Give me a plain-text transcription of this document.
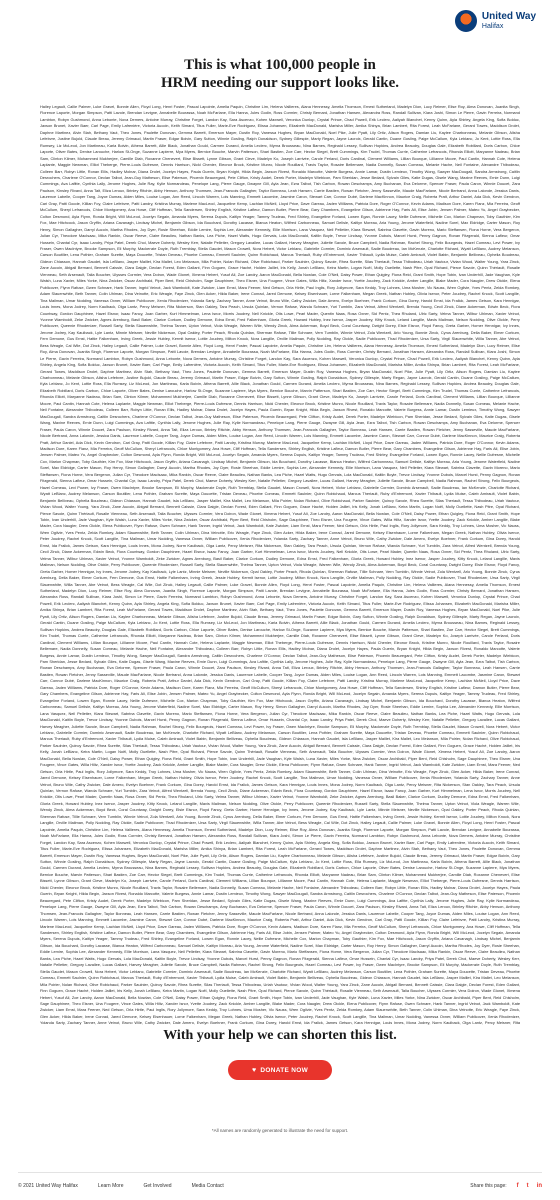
United Way
Halifax
This is what 100,000 people in
HRM needing our support looks like.
Hailey Legault, Callie Palmer, Luke Gravel, Bonnie Allen, Floyd Long, Henri Foster, Pascal Lapointe, Amelia Paquin, Christine Lim, Helena Vallieres, Alana Hennessy, Amelia Thomson, Ernest Sutherland, Madelyn Dion, Lucy Reimer, Elise Roy, Alma Donovan, Juanita Singh, Florence Laporte, Morgan Simpson, Patti Lavoie, Brendan Levigne, Annabelle Bourassa, Noah McFarlane, Ella Hanna, Jules Godin, Ross Cormier, Christy Bernard, Jonathan Hansen, Alexandra Ross, Randall Sullivan, Kiara Joshi, Simon Le Pierre, Gavin Ferreira, Normand Lambton, Robyn Gushmond, Anna Lebonte, Nova Demers, Antoine Murray, Christine Forget, Landon Kay, Sara Ascenzo, Kohen Maxwell, Veronica Dunlop, Crystal Prince, Chad Powell, Erik Leclerc, Aaliyah Blanchet, Kenny Quinn, Ayla Shirley, Angela King, Sofia Bolduc, Jaxson Brunet, Xavier Baer, Carl Page, Emily Lafrenière, Victoria Aucoin, Keith Simard, Titus Fuller, Marie-Eve Rodriguez, Elissa Johansen, Elizabeth MacDonald, Marisha Miller, Amika Shinya, Brian Lambert, Rita Forest, Leah McFarlane, Gerard Towes, Maddison Drolet, Daphne Martinez, Alvin Stah, Bethany Vaut, Theo Jones, Paulette Donovan, Gemma Barrett, Emerson Mayer, Dustin Roy, Vanessa Hughes, Bryan MacDonald, Noel Pike, Julie Pyatt, Lily Ortiz, Alison Rogers, Damian Liu, Kaylee Charbonneau, Melanie Gibson, Alisha Lefebvre, Justine Bujold, Claude Breau, Jeremy Grimaud, Martin Fraser, Edgar Boivin, Gary Sutton, Winnie Gosling, Ralph Donaldson, Sydney Gillespie, Marty Regan, Jayne Lacroix, Gerald Cantin, Duane Gosling, Paige McCallum, Kyla Leblanc, Jo Kent, Lottie Ross, Ella Rumsey, Liz McLeod, Jon Martineau, Karla Boivin, Athena Barrett, Allie Black, Jonathan Gould, Carmen Durand, Amelia Leclerc, Myrna Brousseau, Nina Barnes, Reginald Lessey, Sullivan Hopkins, Andrea Beaudry, Douglas Gale, Elizabeth Robillard, Doris Carbon, Chloe Laporte, Oliver Bates, Denise Larouche, Harlow St-Onge, Suzanne Lapierre, Mya Myers, Bernice Bouche, Marvin Patterson, Shari Bastien, Zoe Carr, Hector Siegel, Brett Cummings, Kim Trudel, Thomas Currie, Catherine Lefrancois, Rhonda Elliott, Maryanne Nadeau, Brian Sam, Clinton Kilmer, Mohammed Mukherjee, Camille Diab, Roxanne Chenevert, Elise Bissett, Lynne Gibson, Grant Cleve, Madelyn Ko, Joseph Larrivée, Carole Ferland, Doris Cardinal, Clement Williams, Lillian Bourque, Lillianne Moore, Paul Cantin, Hannah Cote, Helena Laplante, Maggie Newman, Elliot Theberge, Pierre-Louis Dufresne, Dennis Harrison, Nicki Chenier, Eleonor Brock, Kristine Munro, Nicole Rouillard, Travis Taylor, Rosaire Bellemare, Nadia Donnelly, Susan Comeau, Melanie Hache, Neil Fontaine, Alexandre Thibodeau, Colleen Barr, Robyn Little, Ronan Ellis, Hadley Molnar, Diana Drolet, Jocelyn Hayes, Paula Guerin, Bryan Knight, Hilda Begin, Jaxson Rivest, Ronaldo Marcotte, Valerie Burgess, Annie Lamar, Dustin Lemieux, Timothy Wong, Sawyer MacDougall, Sandra Armstrong, Caitlin Desrochers, Charlene O'Connor, Declan Talbot, Jean-Guy Matheson, Elise Paterson, Phoenix Beauregard, Pete Clifton, Kristy Audet, Derek Porter, Madelyn Wiebicon, Pam Sheridan, Jesse Bedard, Sylvain Giles, Katie Dugas, Gisele Wang, Maxine Reeves, Ernie Dunn, Luigi Cummings, Ava Lafitte, Cynthia Lally, Jerome Hughes, Julie Ray, Kylie Normandeau, Penelope Lang, Pierre Gauge, Dwayne Gill, Ayla Jean, Ezra Talbot, Tish Carbon, Rowan Deschamps, Amy Buchanan, Eva Delorme, Spencer Fraser, Paula Caron, Winnie Doucet, Zara Paulson, Kinsley Rivard, Anna Tait, Eliza Leroux, Brinley Ritchie, Abby Henson, Anthony Thomsen, Jean-Francois Gallagher, Taylor Bonneau, Leah Hansen, Carrie Bastien, Rowan Fletcher, Jenny Sasseville, Maude MacFarlane, Nicole Bertrand, Anna Lalonde, Jessica Danis, Laurence Labelle, Cooper Tang, Joyce Dumas, Aiden Miles, Louise Logan, Ann Reed, Lincoln Warren, Lois Manning, Emmett Lacombe, Jasmine Caron, Stewart Carr, Connor Dubé, Darlene MacKinnon, Maurice Craig, Roberta Pratt, Arthur Daniel, Ada Dick, Kevin Gendron, Cari Gray, Patti Goode, Killian Foy, Claire Lefebvre, Patti Landry, Kristina Murray, Marlene MacLeod, Jacqueline Kemp, Lachlan McNeil, Lloyd Price, Dave Gareau, Jaden Williams, Patricia Dore, Roger O'Connor, Kevin Adams, Madison Dore, Karen Flanz, Mia Ferreira, Geoff McCullum, Sheryl Lefrancois, Chloe Montgomery, Ana Howe, Cliff Hoffman, Tella Sandersen, Shirley English, Kristine Lafleur, Damon Butler, Pierre Bear, Gary Chambers, Evangeline Gilson, Adrienne Hay, Faris Ali, Elise Jobin, Jensen Palmer, Mateo Yu, Angel Graybecker, Colton Desmond, Ayla Flynn, Ronda Bright, Will McLeod, Jocelyn Segain, Amanda Myers, Serena Dupuis, Kaitlyn Yeager, Tammy Trudeau, Fred Shirley, Evangeline Forland, Lowen Egan, Ronnie Lacey, Nellie Dufresne, Michelle Cox, Marion Chapman, Toby Gauthier, Kim Fox, Mae Hitchcock, Jason Gryffin, Ariana Cavanagh, Lindsay Michel, Benjamin Gibson, Ida Bouchard, Dorothy Lacasse, Bianca Heaton, Wilfred Carbonneau, Samuel Delisle, Kaitlyn Moreau, Aria Young, Jerome Waterfield, Nadine Sorel, Max Eldridge, Carter Mason, Roy Henry, Simon Gallagher, Darryl Aucoin, Martha Rhodes, Joy Dyer, Rosie Sheehan, Eddie Lemire, Sophia Lee, Alexander Kennedy, Ellie Morrison, Lana Vasquez, Neil Pelletier, Kiara Stewart, Sabrina Clavette, Gavin Moreno, Mario Steffansen, Fiona Horne, Vera Bergeron, Julian Cyr, Theodore MacIsaac, Mika Rankin, Oscar Reeve, Claire Beaulieu, Nathan Banks, Lea Piche, Hazel Watts, Hugo Gervais, Lola MacDonald, Kaitlin Boyle, Trevor Lindsay, Yvonne Dubois, Marcel Hurst, Penny Gagnon, Ronan Fitzgerald, Sienna Lafleur, Omar Hussein, Chantal Cyr, Isaac Landry, Priya Patel, Derek Choi, Maeve Doherty, Wesley Kerr, Natalie Pelletier, Gregory Lavallee, Lucas Gallant, Harvey Meagher, Juliette Savoie, Bruce Campbell, Nadia Rahman, Rachel Strong, Felix Bourgeois, Hazel Comeau, Levi Power, Ivy Fraser, Owen MacIntyre, Brooke Sampson, Eli Murphy, Mackenzie Doyle, Ruth Tremblay, Stella Gaudet, Mason Crowell, Nora Hebert, Victor Leblanc, Gabrielle Cormier, Dominic Arsenault, Sadie Boudreau, Ian McKenzie, Charlotte Richard, Wyatt LeBlanc, Audrey Melanson, Carson Boutilier, Lena Pothier, Graham Surette, Maya Doucette, Tristan Deveau, Phoebe Comeau, Emmett Saulnier, Quinn Robichaud, Marcus Theriault, Ruby d'Entremont, Xavier Thibault, Lydia Muise, Caleb Amirault, Violet Babin, Benjamin Belliveau, Ophelia Boudreau, Gideon Chiasson, Hannah Gaudet, Isla LeBlanc, Jasper Maillet, Kira Mallet, Leo Melanson, Mila Poirier, Nolan Richard, Olive Robichaud, Parker Saulnier, Quincy Savoie, Rhea Surette, Silas Theriault, Tessa Thibodeau, Uriah Vautour, Vivian Wood, Walter Young, Yara Zinck, Zane Aucoin, Abigail Bernard, Bennett Caissie, Clara Daigle, Declan Forest, Eden Gallant, Finn Goguen, Grace Haché, Holden Jaillet, Iris Kelly, Jonah LeBlanc, Keira Martin, Logan Noël, Molly Ouellette, Nash Pitre, Opal Richard, Pierce Savoie, Quinn Thériault, Rosalie Vienneau, Seth Arsenault, Talia Boucher, Ulysses Cormier, Vera Doiron, Wade Gionet, Ximena Hebert, Yusuf Ali, Zoe Landry, Aaron MacDonald, Bella Nowlan, Cole O'Neil, Daisy Power, Ethan Quigley, Fiona Reid, Grant Smith, Hope Tobin, Ivan Underhill, Jade Vaughan, Kyle Walsh, Luna Xavier, Miles Yorke, Nina Zwicker, Oscar Archibald, Piper Bent, Reid Chisholm, Sage Dauphinee, Theo Eisner, Una Fougere, Vince Gates, Willa Hiltz, Xander Isnor, Yvette Joudrey, Zack Knickle, Amber Langille, Blake Mader, Cora Naugler, Drew Oickle, Elena Publicover, Flynn Rafuse, Gwen Schnare, Hank Tanner, Ingrid Veinot, Jack Wamboldt, Kate Zwicker, Liam Ernst, Mara Feener, Ned Getson, Orla Hirtle, Paul Inglis, Rory Jollymore, Sara Keddy, Troy Lohnes, Uma Mosher, Vic Nauss, Wren Ogilvie, Yves Pentz, Zelda Romkey, Adam Slauenwhite, Beth Tanner, Colin Uhlman, Dina Veinotte, Eric Weagle, Faye Zinck, Glen Acker, Hilda Baker, Irene Conrad, Jared Demone, Kelsey Eisenhauer, Lorne Falkenham, Megan Greek, Nathan Hubley, Olivia Isenor, Peter Joudrey, Rachel Knock, Scott Langille, Tina Mailman, Umar Nodding, Vanessa Oxner, William Publicover, Xenia Rhodenizer, Yolanda Sarty, Zachary Tanner, Anne Veinot, Bruno Wile, Cathy Zwicker, Dale Amero, Evelyn Boehner, Frank Corkum, Gina Dorey, Harold Ernst, Ida Fralick, James Getson, Kara Hennigar, Louis Innes, Mona Jodrey, Norm Kaulback, Olga Lantz, Percy Meisner, Rita Nickerson, Stan Oakley, Tara Peach, Ursula Quinlan, Vernon Rafuse, Wanda Schnare, Yuri Tumblin, Zara Veinot, Alfred Wentzell, Brenda Young, Cecil Zinck, Diane Ackerman, Edwin Beck, Flora Countway, Gordon Dauphinee, Hazel Eisnor, Isaac Fancy, Joan Garber, Kurt Himmelman, Lena Isnor, Morris Joudrey, Nell Knickle, Otis Lowe, Pearl Mader, Quentin Naas, Rosa Oxner, Sid Pentz, Thea Rhuland, Ulric Sarty, Velma Tanner, Wilbur Uhlman, Xavier Veinot, Yvonne Wamboldt, Zeke Zwicker, Agnes Arenburg, Basil Baker, Clarice Corkum, Dudley Demone, Edna Ernst, Fred Falkenham, Gloria Greek, Howard Hubley, Inez Isenor, Jasper Joudrey, Kitty Knock, Leland Langille, Mavis Mailman, Nelson Nodding, Olive Oickle, Perry Publicover, Queenie Rhodenizer, Russell Sarty, Stella Slauenwhite, Thelma Tanner, Upton Veinot, Viola Weagle, Warren Wile, Wendy Zinck, Alma Ackerman, Boyd Beck, Coral Countway, Dwight Dorey, Elsie Eisnor, Floyd Fancy, Greta Garber, Homer Hennigar, Ivy Innes, Jerome Jodrey, Kay Kaulback, Lyle Lantz, Minnie Meisner, Neville Nickerson, Opal Oakley, Porter Peach, Rhoda Quinlan, Sherman Rafuse, Tillie Schnare, Vern Tumblin, Winnie Veinot, Zola Wentzell, Arlo Young, Bonnie Zinck, Cyrus Arenburg, Della Baker, Elmer Corkum, Fern Demone, Gus Ernst, Hattie Falkenham, Irving Greek, Jessie Hubley, Kermit Isenor, Lottie Joudrey, Milton Knock, Nora Langille, Orville Mailman, Polly Nodding, Ray Oickle, Sadie Publicover, Thad Rhodenizer, Ursa Sarty, Virgil Slauenwhite, Willa Tanner, Abe Veinot, Bess Weagle, Cal Wile, Dot Zinck, Hailey Legault, Callie Palmer, Luke Gravel, Bonnie Allen, Floyd Long, Henri Foster, Pascal Lapointe, Amelia Paquin, Christine Lim, Helena Vallieres, Alana Hennessy, Amelia Thomson, Ernest Sutherland, Madelyn Dion, Lucy Reimer, Elise Roy, Alma Donovan, Juanita Singh, Florence Laporte, Morgan Simpson, Patti Lavoie, Brendan Levigne, Annabelle Bourassa, Noah McFarlane, Ella Hanna, Jules Godin, Ross Cormier, Christy Bernard, Jonathan Hansen, Alexandra Ross, Randall Sullivan, Kiara Joshi, Simon Le Pierre, Gavin Ferreira, Normand Lambton, Robyn Gushmond, Anna Lebonte, Nova Demers, Antoine Murray, Christine Forget, Landon Kay, Sara Ascenzo, Kohen Maxwell, Veronica Dunlop, Crystal Prince, Chad Powell, Erik Leclerc, Aaliyah Blanchet, Kenny Quinn, Ayla Shirley, Angela King, Sofia Bolduc, Jaxson Brunet, Xavier Baer, Carl Page, Emily Lafrenière, Victoria Aucoin, Keith Simard, Titus Fuller, Marie-Eve Rodriguez, Elissa Johansen, Elizabeth MacDonald, Marisha Miller, Amika Shinya, Brian Lambert, Rita Forest, Leah McFarlane, Gerard Towes, Maddison Drolet, Daphne Martinez, Alvin Stah, Bethany Vaut, Theo Jones, Paulette Donovan, Gemma Barrett, Emerson Mayer, Dustin Roy, Vanessa Hughes, Bryan MacDonald, Noel Pike, Julie Pyatt, Lily Ortiz, Alison Rogers, Damian Liu, Kaylee Charbonneau, Melanie Gibson, Alisha Lefebvre, Justine Bujold, Claude Breau, Jeremy Grimaud, Martin Fraser, Edgar Boivin, Gary Sutton, Winnie Gosling, Ralph Donaldson, Sydney Gillespie, Marty Regan, Jayne Lacroix, Gerald Cantin, Duane Gosling, Paige McCallum, Kyla Leblanc, Jo Kent, Lottie Ross, Ella Rumsey, Liz McLeod, Jon Martineau, Karla Boivin, Athena Barrett, Allie Black, Jonathan Gould, Carmen Durand, Amelia Leclerc, Myrna Brousseau, Nina Barnes, Reginald Lessey, Sullivan Hopkins, Andrea Beaudry, Douglas Gale, Elizabeth Robillard, Doris Carbon, Chloe Laporte, Oliver Bates, Denise Larouche, Harlow St-Onge, Suzanne Lapierre, Mya Myers, Bernice Bouche, Marvin Patterson, Shari Bastien, Zoe Carr, Hector Siegel, Brett Cummings, Kim Trudel, Thomas Currie, Catherine Lefrancois, Rhonda Elliott, Maryanne Nadeau, Brian Sam, Clinton Kilmer, Mohammed Mukherjee, Camille Diab, Roxanne Chenevert, Elise Bissett, Lynne Gibson, Grant Cleve, Madelyn Ko, Joseph Larrivée, Carole Ferland, Doris Cardinal, Clement Williams, Lillian Bourque, Lillianne Moore, Paul Cantin, Hannah Cote, Helena Laplante, Maggie Newman, Elliot Theberge, Pierre-Louis Dufresne, Dennis Harrison, Nicki Chenier, Eleonor Brock, Kristine Munro, Nicole Rouillard, Travis Taylor, Rosaire Bellemare, Nadia Donnelly, Susan Comeau, Melanie Hache, Neil Fontaine, Alexandre Thibodeau, Colleen Barr, Robyn Little, Ronan Ellis, Hadley Molnar, Diana Drolet, Jocelyn Hayes, Paula Guerin, Bryan Knight, Hilda Begin, Jaxson Rivest, Ronaldo Marcotte, Valerie Burgess, Annie Lamar, Dustin Lemieux, Timothy Wong, Sawyer MacDougall, Sandra Armstrong, Caitlin Desrochers, Charlene O'Connor, Declan Talbot, Jean-Guy Matheson, Elise Paterson, Phoenix Beauregard, Pete Clifton, Kristy Audet, Derek Porter, Madelyn Wiebicon, Pam Sheridan, Jesse Bedard, Sylvain Giles, Katie Dugas, Gisele Wang, Maxine Reeves, Ernie Dunn, Luigi Cummings, Ava Lafitte, Cynthia Lally, Jerome Hughes, Julie Ray, Kylie Normandeau, Penelope Lang, Pierre Gauge, Dwayne Gill, Ayla Jean, Ezra Talbot, Tish Carbon, Rowan Deschamps, Amy Buchanan, Eva Delorme, Spencer Fraser, Paula Caron, Winnie Doucet, Zara Paulson, Kinsley Rivard, Anna Tait, Eliza Leroux, Brinley Ritchie, Abby Henson, Anthony Thomsen, Jean-Francois Gallagher, Taylor Bonneau, Leah Hansen, Carrie Bastien, Rowan Fletcher, Jenny Sasseville, Maude MacFarlane, Nicole Bertrand, Anna Lalonde, Jessica Danis, Laurence Labelle, Cooper Tang, Joyce Dumas, Aiden Miles, Louise Logan, Ann Reed, Lincoln Warren, Lois Manning, Emmett Lacombe, Jasmine Caron, Stewart Carr, Connor Dubé, Darlene MacKinnon, Maurice Craig, Roberta Pratt, Arthur Daniel, Ada Dick, Kevin Gendron, Cari Gray, Patti Goode, Killian Foy, Claire Lefebvre, Patti Landry, Kristina Murray, Marlene MacLeod, Jacqueline Kemp, Lachlan McNeil, Lloyd Price, Dave Gareau, Jaden Williams, Patricia Dore, Roger O'Connor, Kevin Adams, Madison Dore, Karen Flanz, Mia Ferreira, Geoff McCullum, Sheryl Lefrancois, Chloe Montgomery, Ana Howe, Cliff Hoffman, Tella Sandersen, Shirley English, Kristine Lafleur, Damon Butler, Pierre Bear, Gary Chambers, Evangeline Gilson, Adrienne Hay, Faris Ali, Elise Jobin, Jensen Palmer, Mateo Yu, Angel Graybecker, Colton Desmond, Ayla Flynn, Ronda Bright, Will McLeod, Jocelyn Segain, Amanda Myers, Serena Dupuis, Kaitlyn Yeager, Tammy Trudeau, Fred Shirley, Evangeline Forland, Lowen Egan, Ronnie Lacey, Nellie Dufresne, Michelle Cox, Marion Chapman, Toby Gauthier, Kim Fox, Mae Hitchcock, Jason Gryffin, Ariana Cavanagh, Lindsay Michel, Benjamin Gibson, Ida Bouchard, Dorothy Lacasse, Bianca Heaton, Wilfred Carbonneau, Samuel Delisle, Kaitlyn Moreau, Aria Young, Jerome Waterfield, Nadine Sorel, Max Eldridge, Carter Mason, Roy Henry, Simon Gallagher, Darryl Aucoin, Martha Rhodes, Joy Dyer, Rosie Sheehan, Eddie Lemire, Sophia Lee, Alexander Kennedy, Ellie Morrison, Lana Vasquez, Neil Pelletier, Kiara Stewart, Sabrina Clavette, Gavin Moreno, Mario Steffansen, Fiona Horne, Vera Bergeron, Julian Cyr, Theodore MacIsaac, Mika Rankin, Oscar Reeve, Claire Beaulieu, Nathan Banks, Lea Piche, Hazel Watts, Hugo Gervais, Lola MacDonald, Kaitlin Boyle, Trevor Lindsay, Yvonne Dubois, Marcel Hurst, Penny Gagnon, Ronan Fitzgerald, Sienna Lafleur, Omar Hussein, Chantal Cyr, Isaac Landry, Priya Patel, Derek Choi, Maeve Doherty, Wesley Kerr, Natalie Pelletier, Gregory Lavallee, Lucas Gallant, Harvey Meagher, Juliette Savoie, Bruce Campbell, Nadia Rahman, Rachel Strong, Felix Bourgeois, Hazel Comeau, Levi Power, Ivy Fraser, Owen MacIntyre, Brooke Sampson, Eli Murphy, Mackenzie Doyle, Ruth Tremblay, Stella Gaudet, Mason Crowell, Nora Hebert, Victor Leblanc, Gabrielle Cormier, Dominic Arsenault, Sadie Boudreau, Ian McKenzie, Charlotte Richard, Wyatt LeBlanc, Audrey Melanson, Carson Boutilier, Lena Pothier, Graham Surette, Maya Doucette, Tristan Deveau, Phoebe Comeau, Emmett Saulnier, Quinn Robichaud, Marcus Theriault, Ruby d'Entremont, Xavier Thibault, Lydia Muise, Caleb Amirault, Violet Babin, Benjamin Belliveau, Ophelia Boudreau, Gideon Chiasson, Hannah Gaudet, Isla LeBlanc, Jasper Maillet, Kira Mallet, Leo Melanson, Mila Poirier, Nolan Richard, Olive Robichaud, Parker Saulnier, Quincy Savoie, Rhea Surette, Silas Theriault, Tessa Thibodeau, Uriah Vautour, Vivian Wood, Walter Young, Yara Zinck, Zane Aucoin, Abigail Bernard, Bennett Caissie, Clara Daigle, Declan Forest, Eden Gallant, Finn Goguen, Grace Haché, Holden Jaillet, Iris Kelly, Jonah LeBlanc, Keira Martin, Logan Noël, Molly Ouellette, Nash Pitre, Opal Richard, Pierce Savoie, Quinn Thériault, Rosalie Vienneau, Seth Arsenault, Talia Boucher, Ulysses Cormier, Vera Doiron, Wade Gionet, Ximena Hebert, Yusuf Ali, Zoe Landry, Aaron MacDonald, Bella Nowlan, Cole O'Neil, Daisy Power, Ethan Quigley, Fiona Reid, Grant Smith, Hope Tobin, Ivan Underhill, Jade Vaughan, Kyle Walsh, Luna Xavier, Miles Yorke, Nina Zwicker, Oscar Archibald, Piper Bent, Reid Chisholm, Sage Dauphinee, Theo Eisner, Una Fougere, Vince Gates, Willa Hiltz, Xander Isnor, Yvette Joudrey, Zack Knickle, Amber Langille, Blake Mader, Cora Naugler, Drew Oickle, Elena Publicover, Flynn Rafuse, Gwen Schnare, Hank Tanner, Ingrid Veinot, Jack Wamboldt, Kate Zwicker, Liam Ernst, Mara Feener, Ned Getson, Orla Hirtle, Paul Inglis, Rory Jollymore, Sara Keddy, Troy Lohnes, Uma Mosher, Vic Nauss, Wren Ogilvie, Yves Pentz, Zelda Romkey, Adam Slauenwhite, Beth Tanner, Colin Uhlman, Dina Veinotte, Eric Weagle, Faye Zinck, Glen Acker, Hilda Baker, Irene Conrad, Jared Demone, Kelsey Eisenhauer, Lorne Falkenham, Megan Greek, Nathan Hubley, Olivia Isenor, Peter Joudrey, Rachel Knock, Scott Langille, Tina Mailman, Umar Nodding, Vanessa Oxner, William Publicover, Xenia Rhodenizer, Yolanda Sarty, Zachary Tanner, Anne Veinot, Bruno Wile, Cathy Zwicker, Dale Amero, Evelyn Boehner, Frank Corkum, Gina Dorey, Harold Ernst, Ida Fralick, James Getson, Kara Hennigar, Louis Innes, Mona Jodrey, Norm Kaulback, Olga Lantz, Percy Meisner, Rita Nickerson, Stan Oakley, Tara Peach, Ursula Quinlan, Vernon Rafuse, Wanda Schnare, Yuri Tumblin, Zara Veinot, Alfred Wentzell, Brenda Young, Cecil Zinck, Diane Ackerman, Edwin Beck, Flora Countway, Gordon Dauphinee, Hazel Eisnor, Isaac Fancy, Joan Garber, Kurt Himmelman, Lena Isnor, Morris Joudrey, Nell Knickle, Otis Lowe, Pearl Mader, Quentin Naas, Rosa Oxner, Sid Pentz, Thea Rhuland, Ulric Sarty, Velma Tanner, Wilbur Uhlman, Xavier Veinot, Yvonne Wamboldt, Zeke Zwicker, Agnes Arenburg, Basil Baker, Clarice Corkum, Dudley Demone, Edna Ernst, Fred Falkenham, Gloria Greek, Howard Hubley, Inez Isenor, Jasper Joudrey, Kitty Knock, Leland Langille, Mavis Mailman, Nelson Nodding, Olive Oickle, Perry Publicover, Queenie Rhodenizer, Russell Sarty, Stella Slauenwhite, Thelma Tanner, Upton Veinot, Viola Weagle, Warren Wile, Wendy Zinck, Alma Ackerman, Boyd Beck, Coral Countway, Dwight Dorey, Elsie Eisnor, Floyd Fancy, Greta Garber, Homer Hennigar, Ivy Innes, Jerome Jodrey, Kay Kaulback, Lyle Lantz, Minnie Meisner, Neville Nickerson, Opal Oakley, Porter Peach, Rhoda Quinlan, Sherman Rafuse, Tillie Schnare, Vern Tumblin, Winnie Veinot, Zola Wentzell, Arlo Young, Bonnie Zinck, Cyrus Arenburg, Della Baker, Elmer Corkum, Fern Demone, Gus Ernst, Hattie Falkenham, Irving Greek, Jessie Hubley, Kermit Isenor, Lottie Joudrey, Milton Knock, Nora Langille, Orville Mailman, Polly Nodding, Ray Oickle, Sadie Publicover, Thad Rhodenizer, Ursa Sarty, Virgil Slauenwhite, Willa Tanner, Abe Veinot, Bess Weagle, Cal Wile, Dot Zinck, Hailey Legault, Callie Palmer, Luke Gravel, Bonnie Allen, Floyd Long, Henri Foster, Pascal Lapointe, Amelia Paquin, Christine Lim, Helena Vallieres, Alana Hennessy, Amelia Thomson, Ernest Sutherland, Madelyn Dion, Lucy Reimer, Elise Roy, Alma Donovan, Juanita Singh, Florence Laporte, Morgan Simpson, Patti Lavoie, Brendan Levigne, Annabelle Bourassa, Noah McFarlane, Ella Hanna, Jules Godin, Ross Cormier, Christy Bernard, Jonathan Hansen, Alexandra Ross, Randall Sullivan, Kiara Joshi, Simon Le Pierre, Gavin Ferreira, Normand Lambton, Robyn Gushmond, Anna Lebonte, Nova Demers, Antoine Murray, Christine Forget, Landon Kay, Sara Ascenzo, Kohen Maxwell, Veronica Dunlop, Crystal Prince, Chad Powell, Erik Leclerc, Aaliyah Blanchet, Kenny Quinn, Ayla Shirley, Angela King, Sofia Bolduc, Jaxson Brunet, Xavier Baer, Carl Page, Emily Lafrenière, Victoria Aucoin, Keith Simard, Titus Fuller, Marie-Eve Rodriguez, Elissa Johansen, Elizabeth MacDonald, Marisha Miller, Amika Shinya, Brian Lambert, Rita Forest, Leah McFarlane, Gerard Towes, Maddison Drolet, Daphne Martinez, Alvin Stah, Bethany Vaut, Theo Jones, Paulette Donovan, Gemma Barrett, Emerson Mayer, Dustin Roy, Vanessa Hughes, Bryan MacDonald, Noel Pike, Julie Pyatt, Lily Ortiz, Alison Rogers, Damian Liu, Kaylee Charbonneau, Melanie Gibson, Alisha Lefebvre, Justine Bujold, Claude Breau, Jeremy Grimaud, Martin Fraser, Edgar Boivin, Gary Sutton, Winnie Gosling, Ralph Donaldson, Sydney Gillespie, Marty Regan, Jayne Lacroix, Gerald Cantin, Duane Gosling, Paige McCallum, Kyla Leblanc, Jo Kent, Lottie Ross, Ella Rumsey, Liz McLeod, Jon Martineau, Karla Boivin, Athena Barrett, Allie Black, Jonathan Gould, Carmen Durand, Amelia Leclerc, Myrna Brousseau, Nina Barnes, Reginald Lessey, Sullivan Hopkins, Andrea Beaudry, Douglas Gale, Elizabeth Robillard, Doris Carbon, Chloe Laporte, Oliver Bates, Denise Larouche, Harlow St-Onge, Suzanne Lapierre, Mya Myers, Bernice Bouche, Marvin Patterson, Shari Bastien, Zoe Carr, Hector Siegel, Brett Cummings, Kim Trudel, Thomas Currie, Catherine Lefrancois, Rhonda Elliott, Maryanne Nadeau, Brian Sam, Clinton Kilmer, Mohammed Mukherjee, Camille Diab, Roxanne Chenevert, Elise Bissett, Lynne Gibson, Grant Cleve, Madelyn Ko, Joseph Larrivée, Carole Ferland, Doris Cardinal, Clement Williams, Lillian Bourque, Lillianne Moore, Paul Cantin, Hannah Cote, Helena Laplante, Maggie Newman, Elliot Theberge, Pierre-Louis Dufresne, Dennis Harrison, Nicki Chenier, Eleonor Brock, Kristine Munro, Nicole Rouillard, Travis Taylor, Rosaire Bellemare, Nadia Donnelly, Susan Comeau, Melanie Hache, Neil Fontaine, Alexandre Thibodeau, Colleen Barr, Robyn Little, Ronan Ellis, Hadley Molnar, Diana Drolet, Jocelyn Hayes, Paula Guerin, Bryan Knight, Hilda Begin, Jaxson Rivest, Ronaldo Marcotte, Valerie Burgess, Annie Lamar, Dustin Lemieux, Timothy Wong, Sawyer MacDougall, Sandra Armstrong, Caitlin Desrochers, Charlene O'Connor, Declan Talbot, Jean-Guy Matheson, Elise Paterson, Phoenix Beauregard, Pete Clifton, Kristy Audet, Derek Porter, Madelyn Wiebicon, Pam Sheridan, Jesse Bedard, Sylvain Giles, Katie Dugas, Gisele Wang, Maxine Reeves, Ernie Dunn, Luigi Cummings, Ava Lafitte, Cynthia Lally, Jerome Hughes, Julie Ray, Kylie Normandeau, Penelope Lang, Pierre Gauge, Dwayne Gill, Ayla Jean, Ezra Talbot, Tish Carbon, Rowan Deschamps, Amy Buchanan, Eva Delorme, Spencer Fraser, Paula Caron, Winnie Doucet, Zara Paulson, Kinsley Rivard, Anna Tait, Eliza Leroux, Brinley Ritchie, Abby Henson, Anthony Thomsen, Jean-Francois Gallagher, Taylor Bonneau, Leah Hansen, Carrie Bastien, Rowan Fletcher, Jenny Sasseville, Maude MacFarlane, Nicole Bertrand, Anna Lalonde, Jessica Danis, Laurence Labelle, Cooper Tang, Joyce Dumas, Aiden Miles, Louise Logan, Ann Reed, Lincoln Warren, Lois Manning, Emmett Lacombe, Jasmine Caron, Stewart Carr, Connor Dubé, Darlene MacKinnon, Maurice Craig, Roberta Pratt, Arthur Daniel, Ada Dick, Kevin Gendron, Cari Gray, Patti Goode, Killian Foy, Claire Lefebvre, Patti Landry, Kristina Murray, Marlene MacLeod, Jacqueline Kemp, Lachlan McNeil, Lloyd Price, Dave Gareau, Jaden Williams, Patricia Dore, Roger O'Connor, Kevin Adams, Madison Dore, Karen Flanz, Mia Ferreira, Geoff McCullum, Sheryl Lefrancois, Chloe Montgomery, Ana Howe, Cliff Hoffman, Tella Sandersen, Shirley English, Kristine Lafleur, Damon Butler, Pierre Bear, Gary Chambers, Evangeline Gilson, Adrienne Hay, Faris Ali, Elise Jobin, Jensen Palmer, Mateo Yu, Angel Graybecker, Colton Desmond, Ayla Flynn, Ronda Bright, Will McLeod, Jocelyn Segain, Amanda Myers, Serena Dupuis, Kaitlyn Yeager, Tammy Trudeau, Fred Shirley, Evangeline Forland, Lowen Egan, Ronnie Lacey, Nellie Dufresne, Michelle Cox, Marion Chapman, Toby Gauthier, Kim Fox, Mae Hitchcock, Jason Gryffin, Ariana Cavanagh, Lindsay Michel, Benjamin Gibson, Ida Bouchard, Dorothy Lacasse, Bianca Heaton, Wilfred Carbonneau, Samuel Delisle, Kaitlyn Moreau, Aria Young, Jerome Waterfield, Nadine Sorel, Max Eldridge, Carter Mason, Roy Henry, Simon Gallagher, Darryl Aucoin, Martha Rhodes, Joy Dyer, Rosie Sheehan, Eddie Lemire, Sophia Lee, Alexander Kennedy, Ellie Morrison, Lana Vasquez, Neil Pelletier, Kiara Stewart, Sabrina Clavette, Gavin Moreno, Mario Steffansen, Fiona Horne, Vera Bergeron, Julian Cyr, Theodore MacIsaac, Mika Rankin, Oscar Reeve, Claire Beaulieu, Nathan Banks, Lea Piche, Hazel Watts, Hugo Gervais, Lola MacDonald, Kaitlin Boyle, Trevor Lindsay, Yvonne Dubois, Marcel Hurst, Penny Gagnon, Ronan Fitzgerald, Sienna Lafleur, Omar Hussein, Chantal Cyr, Isaac Landry, Priya Patel, Derek Choi, Maeve Doherty, Wesley Kerr, Natalie Pelletier, Gregory Lavallee, Lucas Gallant, Harvey Meagher, Juliette Savoie, Bruce Campbell, Nadia Rahman, Rachel Strong, Felix Bourgeois, Hazel Comeau, Levi Power, Ivy Fraser, Owen MacIntyre, Brooke Sampson, Eli Murphy, Mackenzie Doyle, Ruth Tremblay, Stella Gaudet, Mason Crowell, Nora Hebert, Victor Leblanc, Gabrielle Cormier, Dominic Arsenault, Sadie Boudreau, Ian McKenzie, Charlotte Richard, Wyatt LeBlanc, Audrey Melanson, Carson Boutilier, Lena Pothier, Graham Surette, Maya Doucette, Tristan Deveau, Phoebe Comeau, Emmett Saulnier, Quinn Robichaud, Marcus Theriault, Ruby d'Entremont, Xavier Thibault, Lydia Muise, Caleb Amirault, Violet Babin, Benjamin Belliveau, Ophelia Boudreau, Gideon Chiasson, Hannah Gaudet, Isla LeBlanc, Jasper Maillet, Kira Mallet, Leo Melanson, Mila Poirier, Nolan Richard, Olive Robichaud, Parker Saulnier, Quincy Savoie, Rhea Surette, Silas Theriault, Tessa Thibodeau, Uriah Vautour, Vivian Wood, Walter Young, Yara Zinck, Zane Aucoin, Abigail Bernard, Bennett Caissie, Clara Daigle, Declan Forest, Eden Gallant, Finn Goguen, Grace Haché, Holden Jaillet, Iris Kelly, Jonah LeBlanc, Keira Martin, Logan Noël, Molly Ouellette, Nash Pitre, Opal Richard, Pierce Savoie, Quinn Thériault, Rosalie Vienneau, Seth Arsenault, Talia Boucher, Ulysses Cormier, Vera Doiron, Wade Gionet, Ximena Hebert, Yusuf Ali, Zoe Landry, Aaron MacDonald, Bella Nowlan, Cole O'Neil, Daisy Power, Ethan Quigley, Fiona Reid, Grant Smith, Hope Tobin, Ivan Underhill, Jade Vaughan, Kyle Walsh, Luna Xavier, Miles Yorke, Nina Zwicker, Oscar Archibald, Piper Bent, Reid Chisholm, Sage Dauphinee, Theo Eisner, Una Fougere, Vince Gates, Willa Hiltz, Xander Isnor, Yvette Joudrey, Zack Knickle, Amber Langille, Blake Mader, Cora Naugler, Drew Oickle, Elena Publicover, Flynn Rafuse, Gwen Schnare, Hank Tanner, Ingrid Veinot, Jack Wamboldt, Kate Zwicker, Liam Ernst, Mara Feener, Ned Getson, Orla Hirtle, Paul Inglis, Rory Jollymore, Sara Keddy, Troy Lohnes, Uma Mosher, Vic Nauss, Wren Ogilvie, Yves Pentz, Zelda Romkey, Adam Slauenwhite, Beth Tanner, Colin Uhlman, Dina Veinotte, Eric Weagle, Faye Zinck, Glen Acker, Hilda Baker, Irene Conrad, Jared Demone, Kelsey Eisenhauer, Lorne Falkenham, Megan Greek, Nathan Hubley, Olivia Isenor, Peter Joudrey, Rachel Knock, Scott Langille, Tina Mailman, Umar Nodding, Vanessa Oxner, William Publicover, Xenia Rhodenizer, Yolanda Sarty, Zachary Tanner, Anne Veinot, Bruno Wile, Cathy Zwicker, Dale Amero, Evelyn Boehner, Frank Corkum, Gina Dorey, Harold Ernst, Ida Fralick, James Getson, Kara Hennigar, Louis Innes, Mona Jodrey, Norm Kaulback, Olga Lantz, Percy Meisner, Rita Nickerson, Stan Oakley, Tara Peach, Ursula Quinlan, Vernon Rafuse, Wanda Schnare, Yuri Tumblin, Zara Veinot, Alfred Wentzell, Brenda Young, Cecil Zinck, Diane Ackerman, Edwin Beck, Flora Countway, Gordon Dauphinee, Hazel Eisnor, Isaac Fancy, Joan Garber, Kurt Himmelman, Lena Isnor, Morris Joudrey, Nell Knickle, Otis Lowe, Pearl Mader, Quentin Naas, Rosa Oxner, Sid Pentz, Thea Rhuland, Ulric Sarty, Velma Tanner, Wilbur Uhlman, Xavier Veinot, Yvonne Wamboldt, Zeke Zwicker, Agnes Arenburg, Basil Baker, Clarice Corkum, Dudley Demone, Edna Ernst, Fred Falkenham, Gloria Greek, Howard Hubley, Inez Isenor, Jasper Joudrey, Kitty Knock, Leland Langille, Mavis Mailman, Nelson Nodding, Olive Oickle, Perry Publicover, Queenie Rhodenizer, Russell Sarty, Stella Slauenwhite, Thelma Tanner, Upton Veinot, Viola Weagle, Warren Wile, Wendy Zinck, Alma Ackerman, Boyd Beck, Coral Countway, Dwight Dorey, Elsie Eisnor, Floyd Fancy, Greta Garber, Homer Hennigar, Ivy Innes, Jerome Jodrey, Kay Kaulback, Lyle Lantz, Minnie Meisner, Neville Nickerson, Opal Oakley, Porter Peach, Rhoda Quinlan, Sherman Rafuse, Tillie Schnare, Vern Tumblin, Winnie Veinot, Zola Wentzell, Arlo Young, Bonnie Zinck, Cyrus Arenburg, Della Baker, Elmer Corkum, Fern Demone, Gus Ernst, Hattie Falkenham, Irving Greek, Jessie Hubley, Kermit Isenor, Lottie Joudrey, Milton Knock, Nora Langille, Orville Mailman, Polly Nodding, Ray Oickle, Sadie Publicover, Thad Rhodenizer, Ursa Sarty, Virgil Slauenwhite, Willa Tanner, Abe Veinot, Bess Weagle, Cal Wile, Dot Zinck, Hailey Legault, Callie Palmer, Luke Gravel, Bonnie Allen, Floyd Long, Henri Foster, Pascal Lapointe, Amelia Paquin, Christine Lim, Helena Vallieres, Alana Hennessy, Amelia Thomson, Ernest Sutherland, Madelyn Dion, Lucy Reimer, Elise Roy, Alma Donovan, Juanita Singh, Florence Laporte, Morgan Simpson, Patti Lavoie, Brendan Levigne, Annabelle Bourassa, Noah McFarlane, Ella Hanna, Jules Godin, Ross Cormier, Christy Bernard, Jonathan Hansen, Alexandra Ross, Randall Sullivan, Kiara Joshi, Simon Le Pierre, Gavin Ferreira, Normand Lambton, Robyn Gushmond, Anna Lebonte, Nova Demers, Antoine Murray, Christine Forget, Landon Kay, Sara Ascenzo, Kohen Maxwell, Veronica Dunlop, Crystal Prince, Chad Powell, Erik Leclerc, Aaliyah Blanchet, Kenny Quinn, Ayla Shirley, Angela King, Sofia Bolduc, Jaxson Brunet, Xavier Baer, Carl Page, Emily Lafrenière, Victoria Aucoin, Keith Simard, Titus Fuller, Marie-Eve Rodriguez, Elissa Johansen, Elizabeth MacDonald, Marisha Miller, Amika Shinya, Brian Lambert, Rita Forest, Leah McFarlane, Gerard Towes, Maddison Drolet, Daphne Martinez, Alvin Stah, Bethany Vaut, Theo Jones, Paulette Donovan, Gemma Barrett, Emerson Mayer, Dustin Roy, Vanessa Hughes, Bryan MacDonald, Noel Pike, Julie Pyatt, Lily Ortiz, Alison Rogers, Damian Liu, Kaylee Charbonneau, Melanie Gibson, Alisha Lefebvre, Justine Bujold, Claude Breau, Jeremy Grimaud, Martin Fraser, Edgar Boivin, Gary Sutton, Winnie Gosling, Ralph Donaldson, Sydney Gillespie, Marty Regan, Jayne Lacroix, Gerald Cantin, Duane Gosling, Paige McCallum, Kyla Leblanc, Jo Kent, Lottie Ross, Ella Rumsey, Liz McLeod, Jon Martineau, Karla Boivin, Athena Barrett, Allie Black, Jonathan Gould, Carmen Durand, Amelia Leclerc, Myrna Brousseau, Nina Barnes, Reginald Lessey, Sullivan Hopkins, Andrea Beaudry, Douglas Gale, Elizabeth Robillard, Doris Carbon, Chloe Laporte, Oliver Bates, Denise Larouche, Harlow St-Onge, Suzanne Lapierre, Mya Myers, Bernice Bouche, Marvin Patterson, Shari Bastien, Zoe Carr, Hector Siegel, Brett Cummings, Kim Trudel, Thomas Currie, Catherine Lefrancois, Rhonda Elliott, Maryanne Nadeau, Brian Sam, Clinton Kilmer, Mohammed Mukherjee, Camille Diab, Roxanne Chenevert, Elise Bissett, Lynne Gibson, Grant Cleve, Madelyn Ko, Joseph Larrivée, Carole Ferland, Doris Cardinal, Clement Williams, Lillian Bourque, Lillianne Moore, Paul Cantin, Hannah Cote, Helena Laplante, Maggie Newman, Elliot Theberge, Pierre-Louis Dufresne, Dennis Harrison, Nicki Chenier, Eleonor Brock, Kristine Munro, Nicole Rouillard, Travis Taylor, Rosaire Bellemare, Nadia Donnelly, Susan Comeau, Melanie Hache, Neil Fontaine, Alexandre Thibodeau, Colleen Barr, Robyn Little, Ronan Ellis, Hadley Molnar, Diana Drolet, Jocelyn Hayes, Paula Guerin, Bryan Knight, Hilda Begin, Jaxson Rivest, Ronaldo Marcotte, Valerie Burgess, Annie Lamar, Dustin Lemieux, Timothy Wong, Sawyer MacDougall, Sandra Armstrong, Caitlin Desrochers, Charlene O'Connor, Declan Talbot, Jean-Guy Matheson, Elise Paterson, Phoenix Beauregard, Pete Clifton, Kristy Audet, Derek Porter, Madelyn Wiebicon, Pam Sheridan, Jesse Bedard, Sylvain Giles, Katie Dugas, Gisele Wang, Maxine Reeves, Ernie Dunn, Luigi Cummings, Ava Lafitte, Cynthia Lally, Jerome Hughes, Julie Ray, Kylie Normandeau, Penelope Lang, Pierre Gauge, Dwayne Gill, Ayla Jean, Ezra Talbot, Tish Carbon, Rowan Deschamps, Amy Buchanan, Eva Delorme, Spencer Fraser, Paula Caron, Winnie Doucet, Zara Paulson, Kinsley Rivard, Anna Tait, Eliza Leroux, Brinley Ritchie, Abby Henson, Anthony Thomsen, Jean-Francois Gallagher, Taylor Bonneau, Leah Hansen, Carrie Bastien, Rowan Fletcher, Jenny Sasseville, Maude MacFarlane, Nicole Bertrand, Anna Lalonde, Jessica Danis, Laurence Labelle, Cooper Tang, Joyce Dumas, Aiden Miles, Louise Logan, Ann Reed, Lincoln Warren, Lois Manning, Emmett Lacombe, Jasmine Caron, Stewart Carr, Connor Dubé, Darlene MacKinnon, Maurice Craig, Roberta Pratt, Arthur Daniel, Ada Dick, Kevin Gendron, Cari Gray, Patti Goode, Killian Foy, Claire Lefebvre, Patti Landry, Kristina Murray, Marlene MacLeod, Jacqueline Kemp, Lachlan McNeil, Lloyd Price, Dave Gareau, Jaden Williams, Patricia Dore, Roger O'Connor, Kevin Adams, Madison Dore, Karen Flanz, Mia Ferreira, Geoff McCullum, Sheryl Lefrancois, Chloe Montgomery, Ana Howe, Cliff Hoffman, Tella Sandersen, Shirley English, Kristine Lafleur, Damon Butler, Pierre Bear, Gary Chambers, Evangeline Gilson, Adrienne Hay, Faris Ali, Elise Jobin, Jensen Palmer, Mateo Yu, Angel Graybecker, Colton Desmond, Ayla Flynn, Ronda Bright, Will McLeod, Jocelyn Segain, Amanda Myers, Serena Dupuis, Kaitlyn Yeager, Tammy Trudeau, Fred Shirley, Evangeline Forland, Lowen Egan, Ronnie Lacey, Nellie Dufresne, Michelle Cox, Marion Chapman, Toby Gauthier, Kim Fox, Mae Hitchcock, Jason Gryffin, Ariana Cavanagh, Lindsay Michel, Benjamin Gibson, Ida Bouchard, Dorothy Lacasse, Bianca Heaton, Wilfred Carbonneau, Samuel Delisle, Kaitlyn Moreau, Aria Young, Jerome Waterfield, Nadine Sorel, Max Eldridge, Carter Mason, Roy Henry, Simon Gallagher, Darryl Aucoin, Martha Rhodes, Joy Dyer, Rosie Sheehan, Eddie Lemire, Sophia Lee, Alexander Kennedy, Ellie Morrison, Lana Vasquez, Neil Pelletier, Kiara Stewart, Sabrina Clavette, Gavin Moreno, Mario Steffansen, Fiona Horne, Vera Bergeron, Julian Cyr, Theodore MacIsaac, Mika Rankin, Oscar Reeve, Claire Beaulieu, Nathan Banks, Lea Piche, Hazel Watts, Hugo Gervais, Lola MacDonald, Kaitlin Boyle, Trevor Lindsay, Yvonne Dubois, Marcel Hurst, Penny Gagnon, Ronan Fitzgerald, Sienna Lafleur, Omar Hussein, Chantal Cyr, Isaac Landry, Priya Patel, Derek Choi, Maeve Doherty, Wesley Kerr, Natalie Pelletier, Gregory Lavallee, Lucas Gallant, Harvey Meagher, Juliette Savoie, Bruce Campbell, Nadia Rahman, Rachel Strong, Felix Bourgeois, Hazel Comeau, Levi Power, Ivy Fraser, Owen MacIntyre, Brooke Sampson, Eli Murphy, Mackenzie Doyle, Ruth Tremblay, Stella Gaudet, Mason Crowell, Nora Hebert, Victor Leblanc, Gabrielle Cormier, Dominic Arsenault, Sadie Boudreau, Ian McKenzie, Charlotte Richard, Wyatt LeBlanc, Audrey Melanson, Carson Boutilier, Lena Pothier, Graham Surette, Maya Doucette, Tristan Deveau, Phoebe Comeau, Emmett Saulnier, Quinn Robichaud, Marcus Theriault, Ruby d'Entremont, Xavier Thibault, Lydia Muise, Caleb Amirault, Violet Babin, Benjamin Belliveau, Ophelia Boudreau, Gideon Chiasson, Hannah Gaudet, Isla LeBlanc, Jasper Maillet, Kira Mallet, Leo Melanson, Mila Poirier, Nolan Richard, Olive Robichaud, Parker Saulnier, Quincy Savoie, Rhea Surette, Silas Theriault, Tessa Thibodeau, Uriah Vautour, Vivian Wood, Walter Young, Yara Zinck, Zane Aucoin, Abigail Bernard, Bennett Caissie, Clara Daigle, Declan Forest, Eden Gallant, Finn Goguen, Grace Haché, Holden Jaillet, Iris Kelly, Jonah LeBlanc, Keira Martin, Logan Noël, Molly Ouellette, Nash Pitre, Opal Richard, Pierce Savoie, Quinn Thériault, Rosalie Vienneau, Seth Arsenault, Talia Boucher, Ulysses Cormier, Vera Doiron, Wade Gionet, Ximena Hebert, Yusuf Ali, Zoe Landry, Aaron MacDonald, Bella Nowlan, Cole O'Neil, Daisy Power, Ethan Quigley, Fiona Reid, Grant Smith, Hope Tobin, Ivan Underhill, Jade Vaughan, Kyle Walsh, Luna Xavier, Miles Yorke, Nina Zwicker, Oscar Archibald, Piper Bent, Reid Chisholm, Sage Dauphinee, Theo Eisner, Una Fougere, Vince Gates, Willa Hiltz, Xander Isnor, Yvette Joudrey, Zack Knickle, Amber Langille, Blake Mader, Cora Naugler, Drew Oickle, Elena Publicover, Flynn Rafuse, Gwen Schnare, Hank Tanner, Ingrid Veinot, Jack Wamboldt, Kate Zwicker, Liam Ernst, Mara Feener, Ned Getson, Orla Hirtle, Paul Inglis, Rory Jollymore, Sara Keddy, Troy Lohnes, Uma Mosher, Vic Nauss, Wren Ogilvie, Yves Pentz, Zelda Romkey, Adam Slauenwhite, Beth Tanner, Colin Uhlman, Dina Veinotte, Eric Weagle, Faye Zinck, Glen Acker, Hilda Baker, Irene Conrad, Jared Demone, Kelsey Eisenhauer, Lorne Falkenham, Megan Greek, Nathan Hubley, Olivia Isenor, Peter Joudrey, Rachel Knock, Scott Langille, Tina Mailman, Umar Nodding, Vanessa Oxner, William Publicover, Xenia Rhodenizer, Yolanda Sarty, Zachary Tanner, Anne Veinot, Bruno Wile, Cathy Zwicker, Dale Amero, Evelyn Boehner, Frank Corkum, Gina Dorey, Harold Ernst, Ida Fralick, James Getson, Kara Hennigar, Louis Innes, Mona Jodrey, Norm Kaulback, Olga Lantz, Percy Meisner, Rita
With your help we can shorten this list.
♥ DONATE NOW

*All names are randomly generated to illustrate the need for support.

© 2021 United Way Halifax	Learn More	Get Involved	Media Contact	Share this page: f t in
